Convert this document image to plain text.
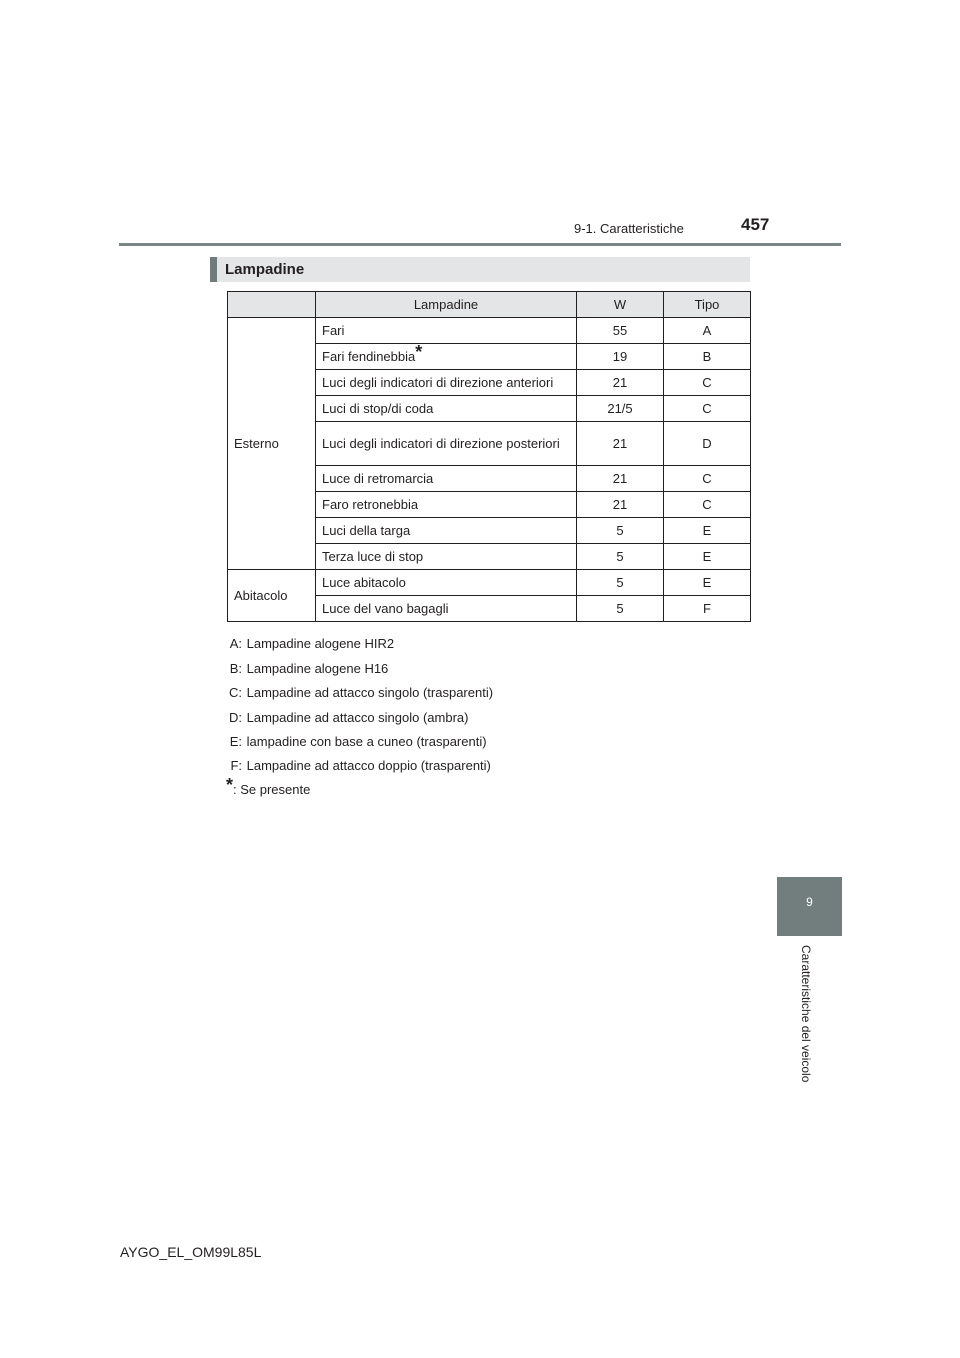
9-1. Caratteristiche	457
Lampadine
	Lampadine	W	Tipo
Esterno	Fari	55	A
	Fari fendinebbia*	19	B
	Luci degli indicatori di direzione anteriori	21	C
	Luci di stop/di coda	21/5	C

	Luci degli indicatori di direzione posteriori	21	D
	Luce di retromarcia	21	C
	Faro retronebbia	21	C
	Luci della targa	5	E
	Terza luce di stop	5	E
Abitacolo	Luce abitacolo	5	E
	Luce del vano bagagli	5	F
A: Lampadine alogene HIR2
B: Lampadine alogene H16
C: Lampadine ad attacco singolo (trasparenti)
D: Lampadine ad attacco singolo (ambra)
E: lampadine con base a cuneo (trasparenti)
F: Lampadine ad attacco doppio (trasparenti)
*: Se presente
9
Caratteristiche del veicolo
AYGO_EL_OM99L85L
